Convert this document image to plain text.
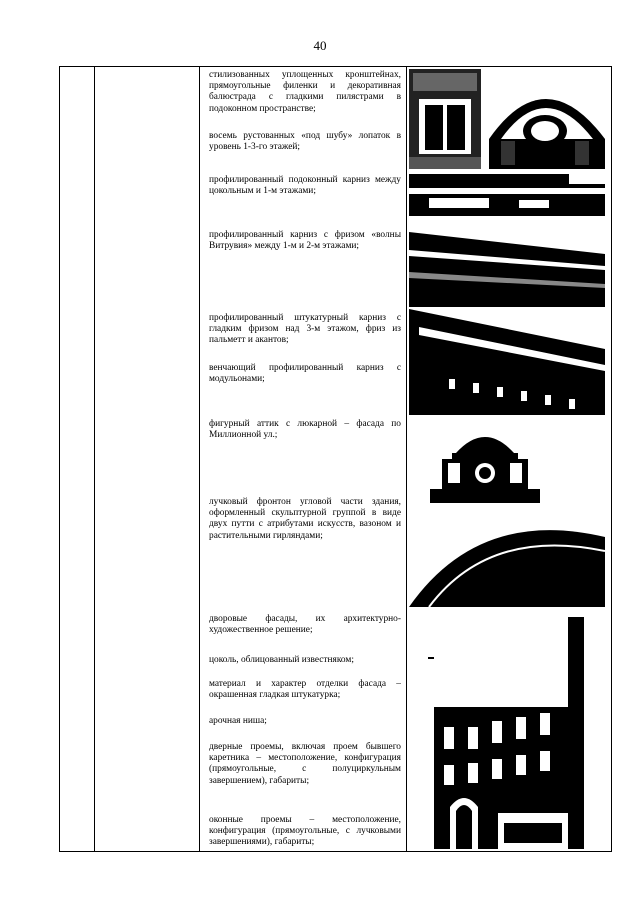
40

стилизованных уплощенных кронштейнах, прямоугольные филенки и декоративная балюстрада с гладкими пилястрами в подоконном пространстве;

восемь рустованных «под шубу» лопаток в уровень 1-3-го этажей;

профилированный подоконный карниз между цокольным и 1-м этажами;

профилированный карниз с фризом «волны Витрувия» между 1-м и 2-м этажами;

профилированный штукатурный карниз с гладким фризом над 3-м этажом, фриз из пальметт и акантов;

венчающий профилированный карниз с модульонами;

фигурный аттик с люкарной – фасада по Миллионной ул.;

лучковый фронтон угловой части здания, оформленный скульптурной группой в виде двух путти с атрибутами искусств, вазоном и растительными гирляндами;

дворовые фасады, их архитектурно-художественное решение;

цоколь, облицованный известняком;

материал и характер отделки фасада – окрашенная гладкая штукатурка;

арочная ниша;

дверные проемы, включая проем бывшего каретника – местоположение, конфигурация (прямоугольные, с полуциркульным завершением), габариты;

оконные проемы – местоположение, конфигурация (прямоугольные, с лучковыми завершениями), габариты;
